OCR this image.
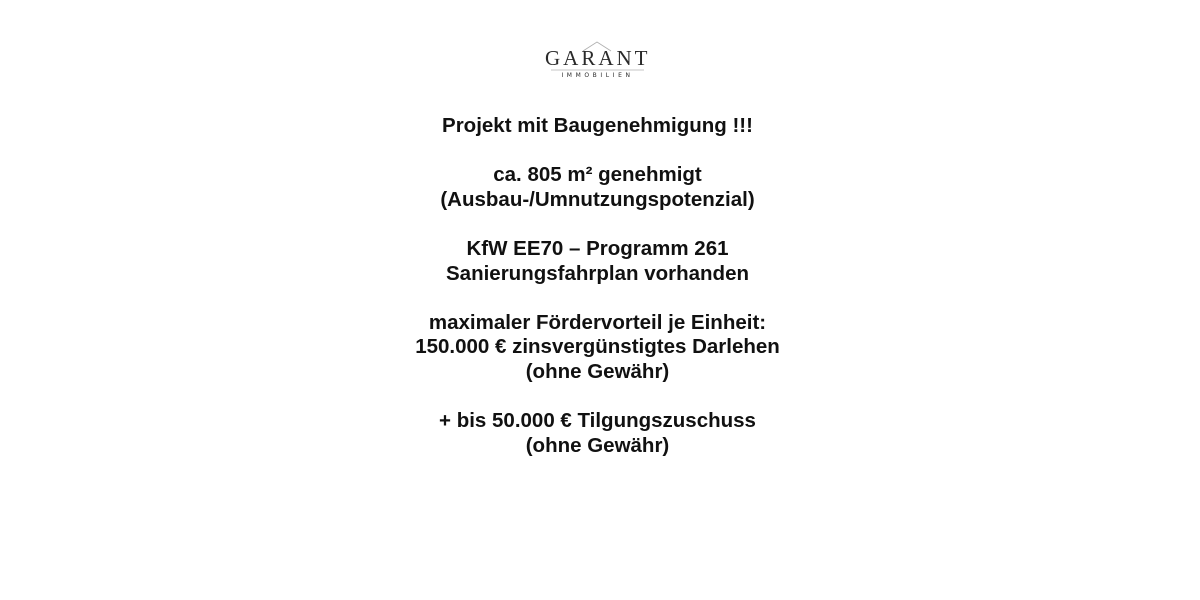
GARANT
IMMOBILIEN
Projekt mit Baugenehmigung !!!
ca. 805 m² genehmigt
(Ausbau-/Umnutzungspotenzial)
KfW EE70 – Programm 261
Sanierungsfahrplan vorhanden
maximaler Fördervorteil je Einheit:
150.000 € zinsvergünstigtes Darlehen
(ohne Gewähr)
+ bis 50.000 € Tilgungszuschuss
(ohne Gewähr)
